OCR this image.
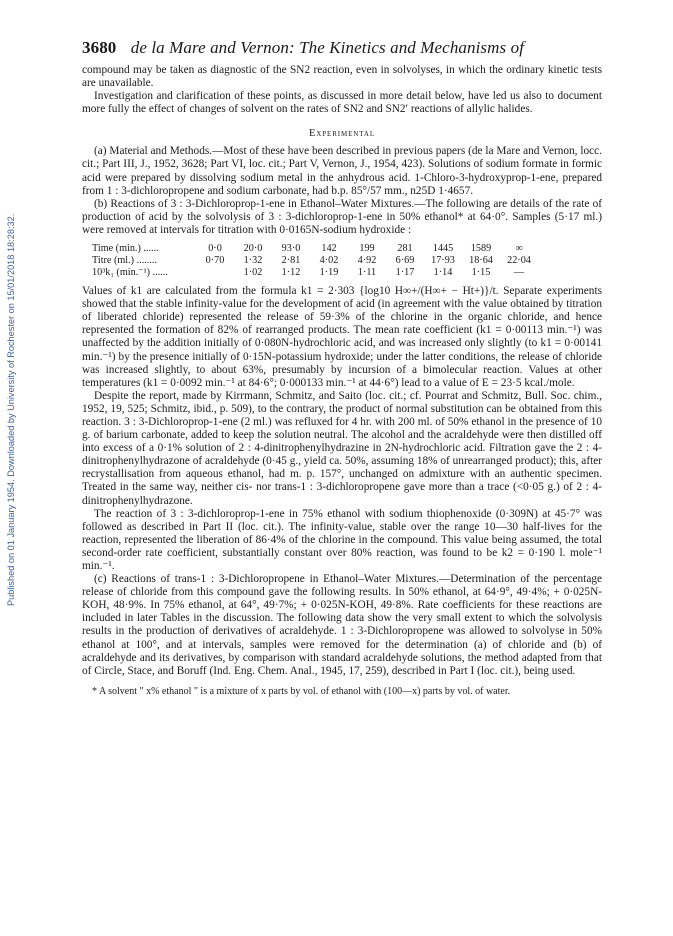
Published on 01 January 1954. Downloaded by University of Rochester on 15/01/2018 18:28:32.
3680 de la Mare and Vernon: The Kinetics and Mechanisms of

compound may be taken as diagnostic of the SN2 reaction, even in solvolyses, in which the ordinary kinetic tests are unavailable.

Investigation and clarification of these points, as discussed in more detail below, have led us also to document more fully the effect of changes of solvent on the rates of SN2 and SN2′ reactions of allylic halides.

Experimental

(a) Material and Methods.—Most of these have been described in previous papers (de la Mare and Vernon, locc. cit.; Part III, J., 1952, 3628; Part VI, loc. cit.; Part V, Vernon, J., 1954, 423). Solutions of sodium formate in formic acid were prepared by dissolving sodium metal in the anhydrous acid. 1-Chloro-3-hydroxyprop-1-ene, prepared from 1 : 3-dichloropropene and sodium carbonate, had b.p. 85°/57 mm., n25D 1·4657.

(b) Reactions of 3 : 3-Dichloroprop-1-ene in Ethanol–Water Mixtures.—The following are details of the rate of production of acid by the solvolysis of 3 : 3-dichloroprop-1-ene in 50% ethanol* at 64·0°. Samples (5·17 ml.) were removed at intervals for titration with 0·0165N-sodium hydroxide :

Time (min.) ......	0·0	20·0	93·0	142	199	281	1445	1589	∞
Titre (ml.) ........	0·70	1·32	2·81	4·02	4·92	6·69	17·93	18·64	22·04
10³k₁ (min.⁻¹) ......		1·02	1·12	1·19	1·11	1·17	1·14	1·15	—

Values of k1 are calculated from the formula k1 = 2·303 {log10 H∞+/(H∞+ − Ht+)}/t. Separate experiments showed that the stable infinity-value for the development of acid (in agreement with the value obtained by titration of liberated chloride) represented the release of 59·3% of the chlorine in the organic chloride, and hence represented the formation of 82% of rearranged products. The mean rate coefficient (k1 = 0·00113 min.⁻¹) was unaffected by the addition initially of 0·080N-hydrochloric acid, and was increased only slightly (to k1 = 0·00141 min.⁻¹) by the presence initially of 0·15N-potassium hydroxide; under the latter conditions, the release of chloride was increased slightly, to about 63%, presumably by incursion of a bimolecular reaction. Values at other temperatures (k1 = 0·0092 min.⁻¹ at 84·6°; 0·000133 min.⁻¹ at 44·6°) lead to a value of E = 23·5 kcal./mole.

Despite the report, made by Kirrmann, Schmitz, and Saito (loc. cit.; cf. Pourrat and Schmitz, Bull. Soc. chim., 1952, 19, 525; Schmitz, ibid., p. 509), to the contrary, the product of normal substitution can be obtained from this reaction. 3 : 3-Dichloroprop-1-ene (2 ml.) was refluxed for 4 hr. with 200 ml. of 50% ethanol in the presence of 10 g. of barium carbonate, added to keep the solution neutral. The alcohol and the acraldehyde were then distilled off into excess of a 0·1% solution of 2 : 4-dinitrophenylhydrazine in 2N-hydrochloric acid. Filtration gave the 2 : 4-dinitrophenylhydrazone of acraldehyde (0·45 g., yield ca. 50%, assuming 18% of unrearranged product); this, after recrystallisation from aqueous ethanol, had m. p. 157°, unchanged on admixture with an authentic specimen. Treated in the same way, neither cis- nor trans-1 : 3-dichloropropene gave more than a trace (<0·05 g.) of 2 : 4-dinitrophenylhydrazone.

The reaction of 3 : 3-dichloroprop-1-ene in 75% ethanol with sodium thiophenoxide (0·309N) at 45·7° was followed as described in Part II (loc. cit.). The infinity-value, stable over the range 10—30 half-lives for the reaction, represented the liberation of 86·4% of the chlorine in the compound. This value being assumed, the total second-order rate coefficient, substantially constant over 80% reaction, was found to be k2 = 0·190 l. mole⁻¹ min.⁻¹.

(c) Reactions of trans-1 : 3-Dichloropropene in Ethanol–Water Mixtures.—Determination of the percentage release of chloride from this compound gave the following results. In 50% ethanol, at 64·9°, 49·4%; + 0·025N-KOH, 48·9%. In 75% ethanol, at 64°, 49·7%; + 0·025N-KOH, 49·8%. Rate coefficients for these reactions are included in later Tables in the discussion. The following data show the very small extent to which the solvolysis results in the production of derivatives of acraldehyde. 1 : 3-Dichloropropene was allowed to solvolyse in 50% ethanol at 100°, and at intervals, samples were removed for the determination (a) of chloride and (b) of acraldehyde and its derivatives, by comparison with standard acraldehyde solutions, the method adapted from that of Circle, Stace, and Boruff (Ind. Eng. Chem. Anal., 1945, 17, 259), described in Part I (loc. cit.), being used.

* A solvent " x% ethanol " is a mixture of x parts by vol. of ethanol with (100—x) parts by vol. of water.
